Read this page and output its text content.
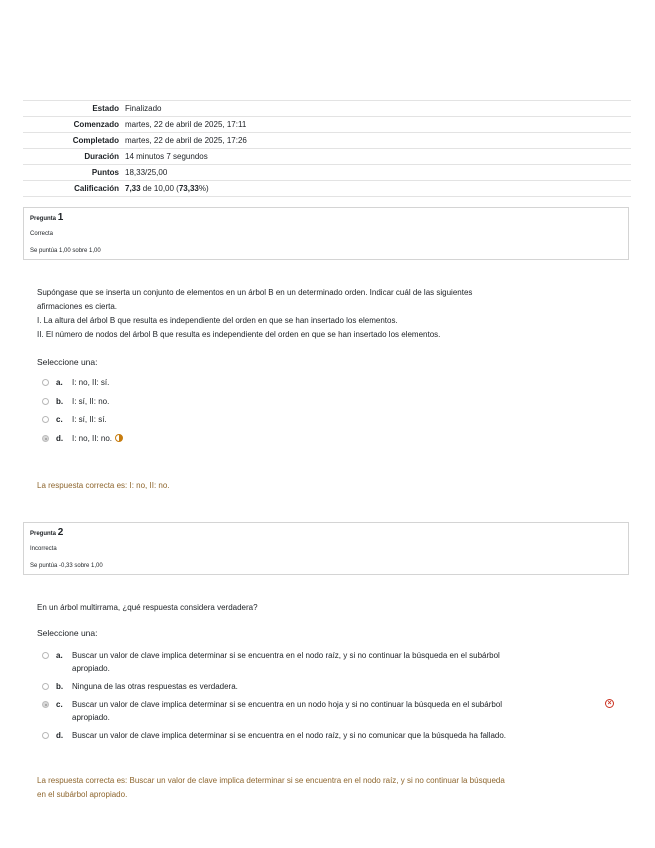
Estado	Finalizado
Comenzado	martes, 22 de abril de 2025, 17:11
Completado	martes, 22 de abril de 2025, 17:26
Duración	14 minutos 7 segundos
Puntos	18,33/25,00
Calificación	7,33 de 10,00 (73,33%)
Pregunta 1
Correcta
Se puntúa 1,00 sobre 1,00
Supóngase que se inserta un conjunto de elementos en un árbol B en un determinado orden. Indicar cuál de las siguientes
afirmaciones es cierta.
I. La altura del árbol B que resulta es independiente del orden en que se han insertado los elementos.
II. El número de nodos del árbol B que resulta es independiente del orden en que se han insertado los elementos.
Seleccione una:
a. I: no, II: sí.
b. I: sí, II: no.
c. I: sí, II: sí.
d. I: no, II: no.
La respuesta correcta es: I: no, II: no.
Pregunta 2
Incorrecta
Se puntúa -0,33 sobre 1,00
En un árbol multirrama, ¿qué respuesta considera verdadera?
Seleccione una:
a. Buscar un valor de clave implica determinar si se encuentra en el nodo raíz, y si no continuar la búsqueda en el subárbol
apropiado.
b. Ninguna de las otras respuestas es verdadera.
c. Buscar un valor de clave implica determinar si se encuentra en un nodo hoja y si no continuar la búsqueda en el subárbol
apropiado.
×
d. Buscar un valor de clave implica determinar si se encuentra en el nodo raíz, y si no comunicar que la búsqueda ha fallado.
La respuesta correcta es: Buscar un valor de clave implica determinar si se encuentra en el nodo raíz, y si no continuar la búsqueda
en el subárbol apropiado.
